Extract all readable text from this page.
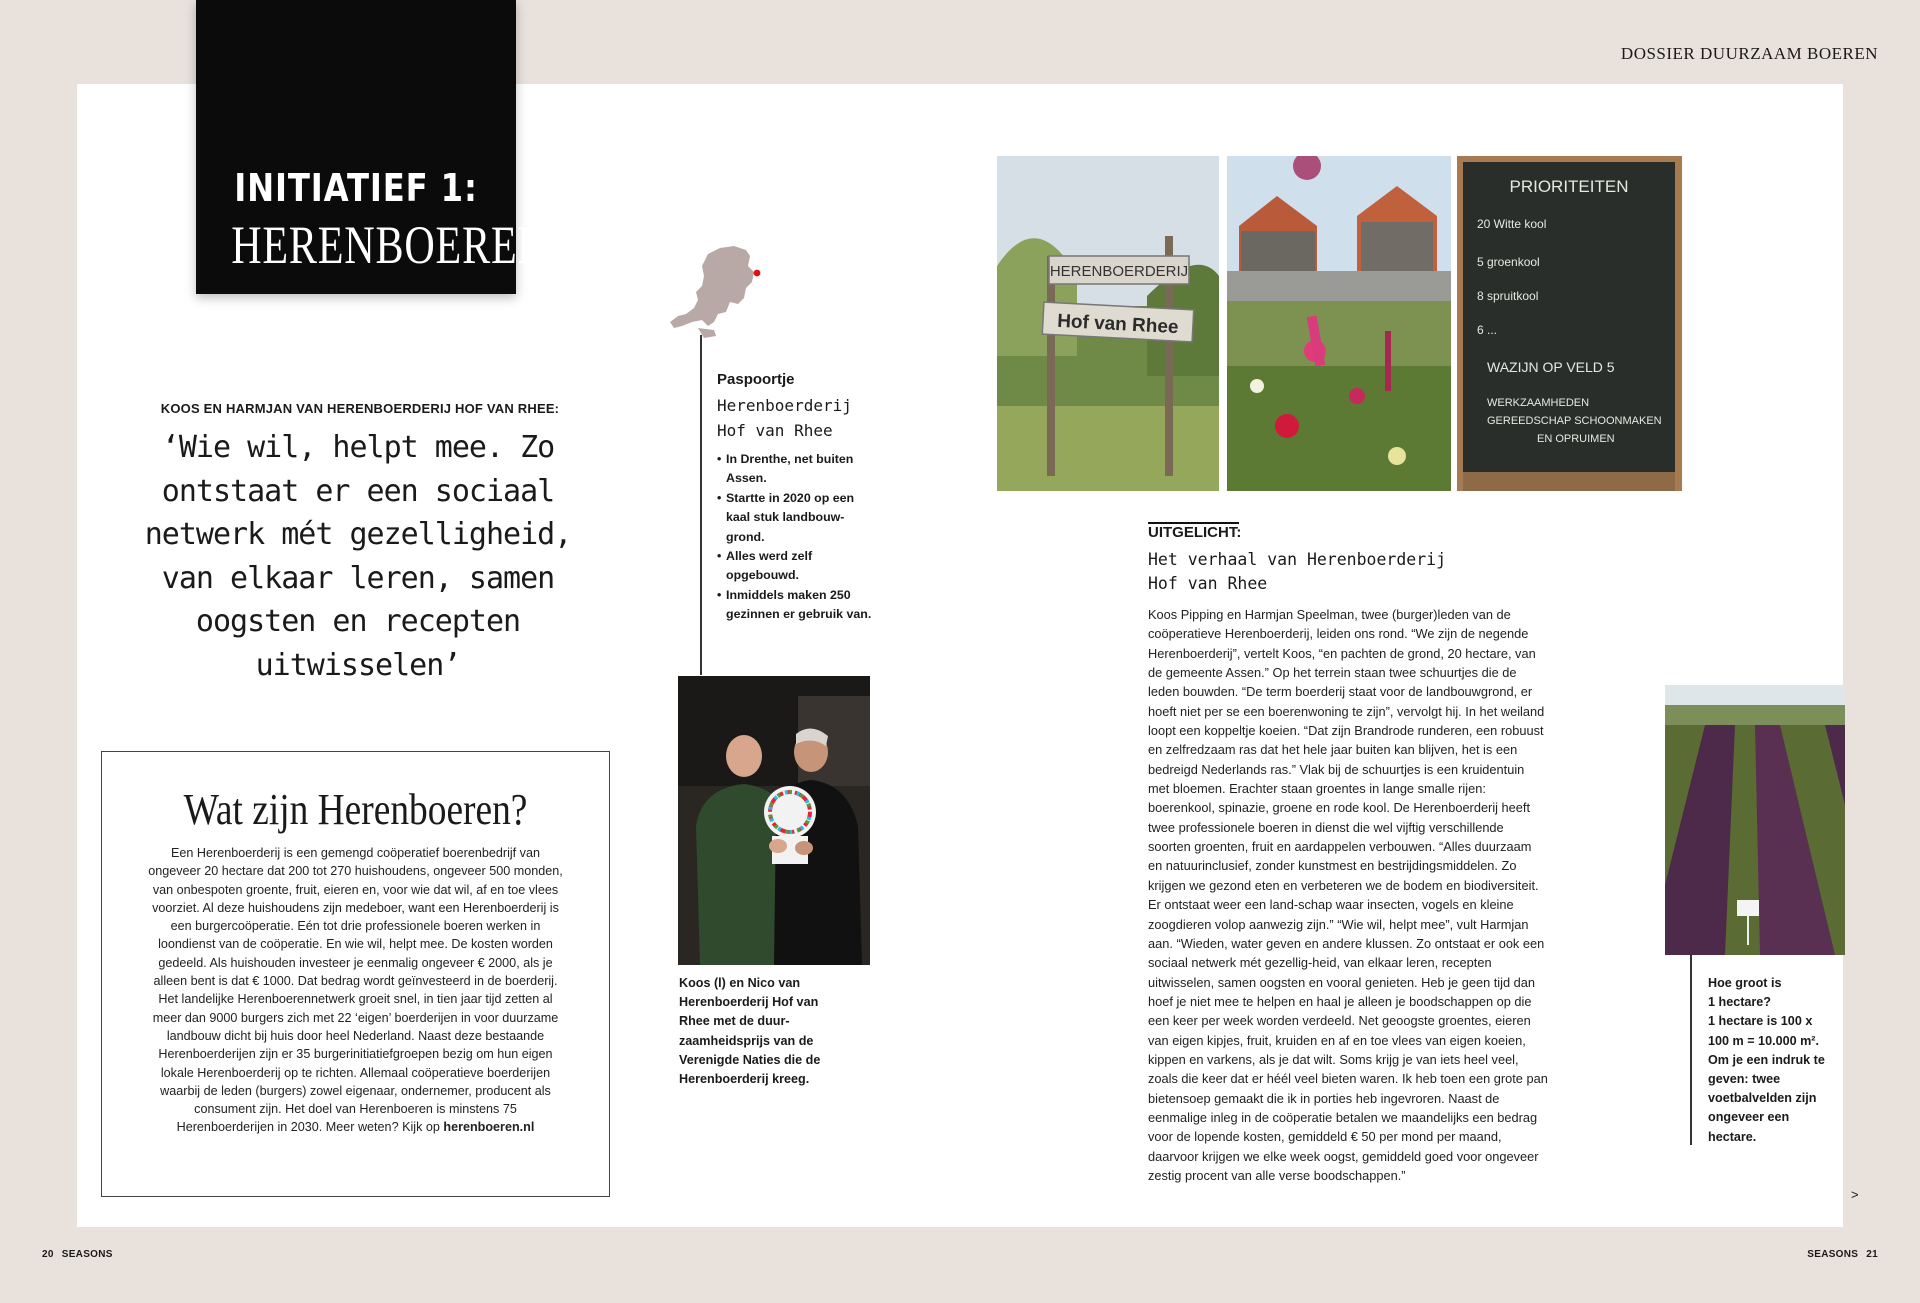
DOSSIER DUURZAAM BOEREN
INITIATIEF 1:
HERENBOEREN
KOOS EN HARMJAN VAN HERENBOERDERIJ HOF VAN RHEE:
‘Wie wil, helpt mee. Zo ontstaat er een sociaal netwerk mét gezelligheid, van elkaar leren, samen oogsten en recepten uitwisselen’
Wat zijn Herenboeren?
Een Herenboerderij is een gemengd coöperatief boerenbedrijf van ongeveer 20 hectare dat 200 tot 270 huishoudens, ongeveer 500 monden, van onbespoten groente, fruit, eieren en, voor wie dat wil, af en toe vlees voorziet. Al deze huishoudens zijn medeboer, want een Herenboerderij is een burgercoöperatie. Eén tot drie professionele boeren werken in loondienst van de coöperatie. En wie wil, helpt mee. De kosten worden gedeeld. Als huishouden investeer je eenmalig ongeveer € 2000, als je alleen bent is dat € 1000. Dat bedrag wordt geïnvesteerd in de boerderij. Het landelijke Herenboerennetwerk groeit snel, in tien jaar tijd zetten al meer dan 9000 burgers zich met 22 ‘eigen’ boerderijen in voor duurzame landbouw dicht bij huis door heel Nederland. Naast deze bestaande Herenboerderijen zijn er 35 burgerinitiatiefgroepen bezig om hun eigen lokale Herenboerderij op te richten. Allemaal coöperatieve boerderijen waarbij de leden (burgers) zowel eigenaar, ondernemer, producent als consument zijn. Het doel van Herenboeren is minstens 75 Herenboerderijen in 2030. Meer weten? Kijk op herenboeren.nl
Paspoortje
Herenboerderij
Hof van Rhee
• In Drenthe, net buiten Assen.
• Startte in 2020 op een kaal stuk landbouw-grond.
• Alles werd zelf opgebouwd.
• Inmiddels maken 250 gezinnen er gebruik van.
Koos (l) en Nico van Herenboerderij Hof van Rhee met de duur-zaamheidsprijs van de Verenigde Naties die de Herenboerderij kreeg.
HERENBOERDERIJ
Hof van Rhee
PRIORITEITEN
20 Witte kool
5 groenkool
8 spruitkool
6 ...
WAZIJN OP VELD 5
WERKZAAMHEDEN
GEREEDSCHAP SCHOONMAKEN
EN OPRUIMEN
UITGELICHT:
Het verhaal van Herenboerderij
Hof van Rhee
Koos Pipping en Harmjan Speelman, twee (burger)leden van de coöperatieve Herenboerderij, leiden ons rond. “We zijn de negende Herenboerderij”, vertelt Koos, “en pachten de grond, 20 hectare, van de gemeente Assen.” Op het terrein staan twee schuurtjes die de leden bouwden. “De term boerderij staat voor de landbouwgrond, er hoeft niet per se een boerenwoning te zijn”, vervolgt hij. In het weiland loopt een koppeltje koeien. “Dat zijn Brandrode runderen, een robuust en zelfredzaam ras dat het hele jaar buiten kan blijven, het is een bedreigd Nederlands ras.” Vlak bij de schuurtjes is een kruidentuin met bloemen. Erachter staan groentes in lange smalle rijen: boerenkool, spinazie, groene en rode kool. De Herenboerderij heeft twee professionele boeren in dienst die wel vijftig verschillende soorten groenten, fruit en aardappelen verbouwen. “Alles duurzaam en natuurinclusief, zonder kunstmest en bestrijdingsmiddelen. Zo krijgen we gezond eten en verbeteren we de bodem en biodiversiteit. Er ontstaat weer een land-schap waar insecten, vogels en kleine zoogdieren volop aanwezig zijn.” “Wie wil, helpt mee”, vult Harmjan aan. “Wieden, water geven en andere klussen. Zo ontstaat er ook een sociaal netwerk mét gezellig-heid, van elkaar leren, recepten uitwisselen, samen oogsten en vooral genieten. Heb je geen tijd dan hoef je niet mee te helpen en haal je alleen je boodschappen op die een keer per week worden verdeeld. Net geoogste groentes, eieren van eigen kipjes, fruit, kruiden en af en toe vlees van eigen koeien, kippen en varkens, als je dat wilt. Soms krijg je van iets heel veel, zoals die keer dat er héél veel bieten waren. Ik heb toen een grote pan bietensoep gemaakt die ik in porties heb ingevroren. Naast de eenmalige inleg in de coöperatie betalen we maandelijks een bedrag voor de lopende kosten, gemiddeld € 50 per mond per maand, daarvoor krijgen we elke week oogst, gemiddeld goed voor ongeveer zestig procent van alle verse boodschappen.”
Hoe groot is
1 hectare?
1 hectare is 100 x 100 m = 10.000 m². Om je een indruk te geven: twee voetbalvelden zijn ongeveer een hectare.
>
20 SEASONS	SEASONS 21
